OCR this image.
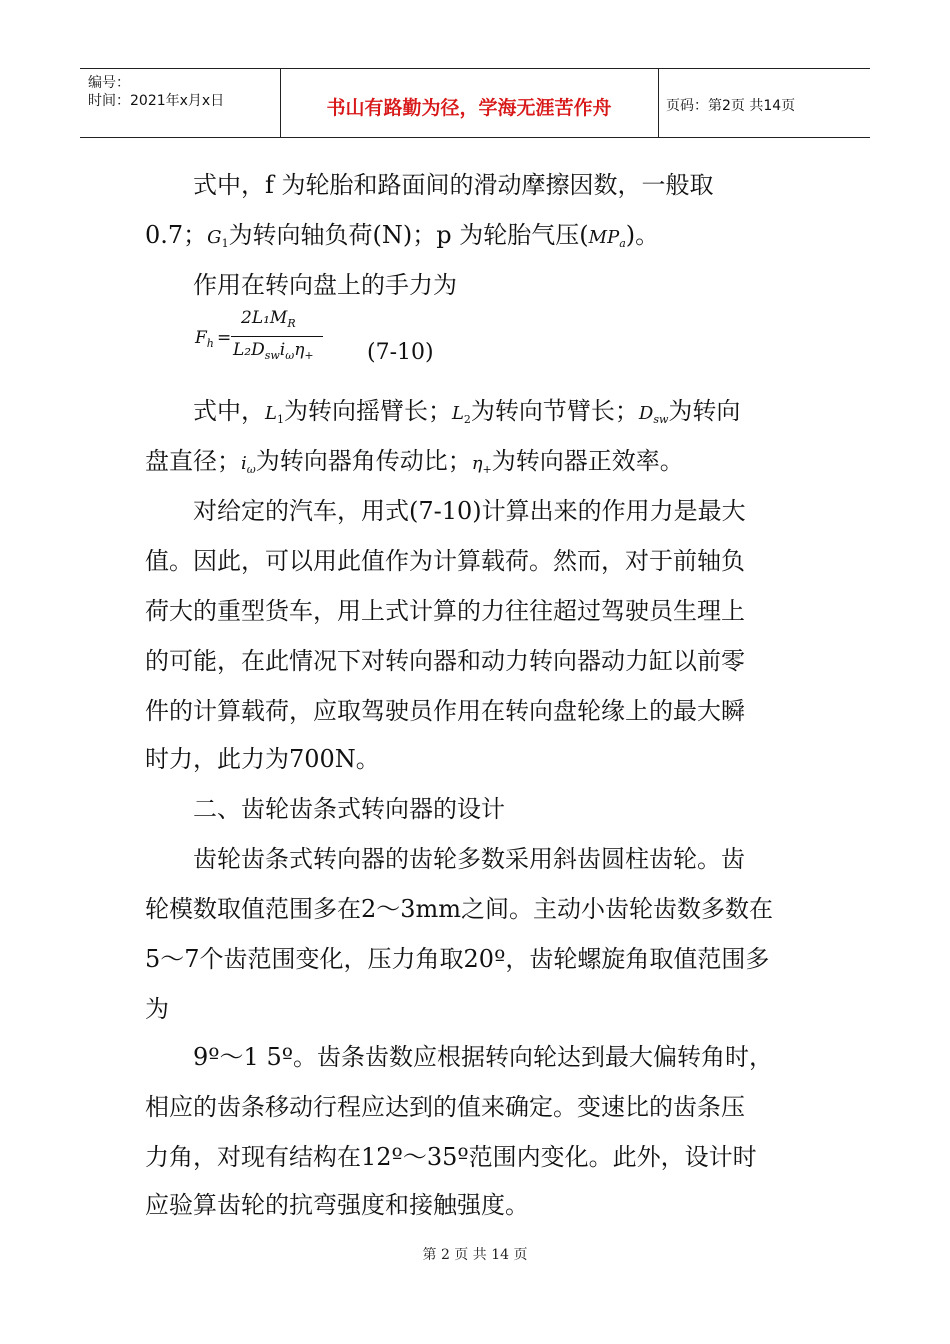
编号：
时间：2021年x月x日	书山有路勤为径，学海无涯苦作舟	页码：第2页 共14页
式中，f 为轮胎和路面间的滑动摩擦因数，一般取
0.7；G1为转向轴负荷(N)；p 为轮胎气压$(MP_a)$。
作用在转向盘上的手力为
$F_h$ =
$2L_1M_R$
$L_2D_{sw}i_\omega\eta_+$ (7-10)
式中，L1为转向摇臂长；L2为转向节臂长；$D_{sw}$为转向
盘直径；$i_\omega$为转向器角传动比；$\eta_+$为转向器正效率。
对给定的汽车，用式(7-10)计算出来的作用力是最大
值。因此，可以用此值作为计算载荷。然而，对于前轴负
荷大的重型货车，用上式计算的力往往超过驾驶员生理上
的可能，在此情况下对转向器和动力转向器动力缸以前零
件的计算载荷，应取驾驶员作用在转向盘轮缘上的最大瞬
时力，此力为700N。
二、齿轮齿条式转向器的设计
齿轮齿条式转向器的齿轮多数采用斜齿圆柱齿轮。齿
轮模数取值范围多在2～3mm之间。主动小齿轮齿数多数在
5～7个齿范围变化，压力角取20º，齿轮螺旋角取值范围多
为
9º～1 5º。齿条齿数应根据转向轮达到最大偏转角时，
相应的齿条移动行程应达到的值来确定。变速比的齿条压
力角，对现有结构在12º～35º范围内变化。此外，设计时
应验算齿轮的抗弯强度和接触强度。
第 2 页 共 14 页
